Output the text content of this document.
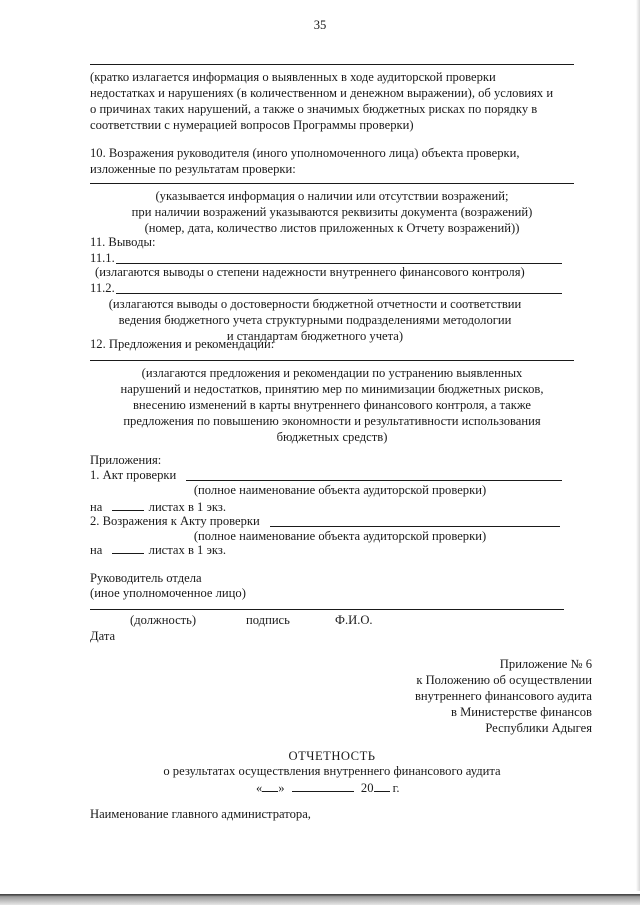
35
(кратко излагается информация о выявленных в ходе аудиторской проверки
недостатках и нарушениях (в количественном и денежном выражении), об условиях и
о причинах таких нарушений, а также о значимых бюджетных рисках по порядку в
соответствии с нумерацией вопросов Программы проверки)
10. Возражения руководителя (иного уполномоченного лица) объекта проверки,
изложенные по результатам проверки:
(указывается информация о наличии или отсутствии возражений;
при наличии возражений указываются реквизиты документа (возражений)
(номер, дата, количество листов приложенных к Отчету возражений))
11. Выводы:
11.1.
(излагаются выводы о степени надежности внутреннего финансового контроля)
11.2.
(излагаются выводы о достоверности бюджетной отчетности и соответствии
ведения бюджетного учета структурными подразделениями методологии
и стандартам бюджетного учета)
12. Предложения и рекомендации:
(излагаются предложения и рекомендации по устранению выявленных
нарушений и недостатков, принятию мер по минимизации бюджетных рисков,
внесению изменений в карты внутреннего финансового контроля, а также
предложения по повышению экономности и результативности использования
бюджетных средств)
Приложения:
1. Акт проверки
(полное наименование объекта аудиторской проверки)
на	листах в 1 экз.
2. Возражения к Акту проверки
(полное наименование объекта аудиторской проверки)
на	листах в 1 экз.
Руководитель отдела
(иное уполномоченное лицо)
(должность)	подпись	Ф.И.О.
Дата
Приложение № 6
к Положению об осуществлении
внутреннего финансового аудита
в Министерстве финансов
Республики Адыгея
ОТЧЕТНОСТЬ
о результатах осуществления внутреннего финансового аудита
« »	20 г.
Наименование главного администратора,
